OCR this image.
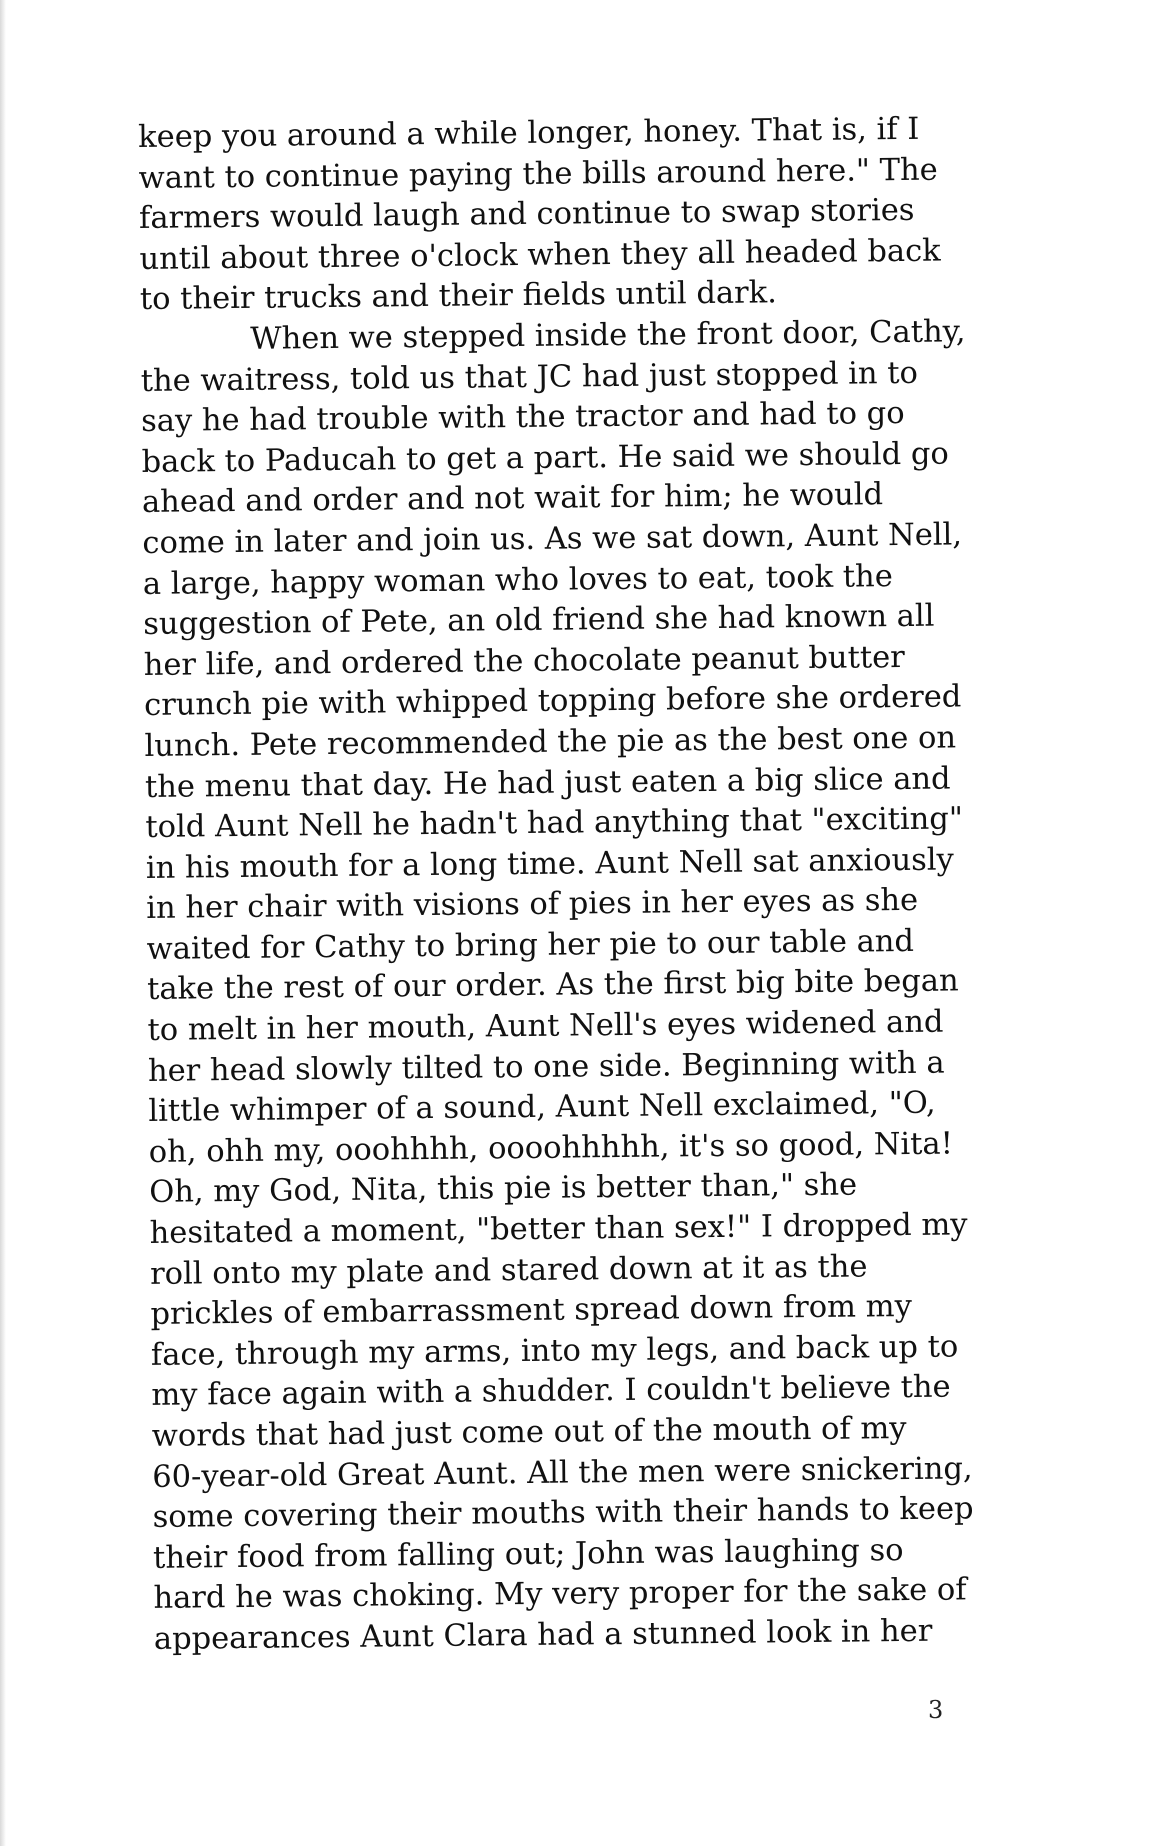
keep you around a while longer, honey. That is, if I
want to continue paying the bills around here." The
farmers would laugh and continue to swap stories
until about three o'clock when they all headed back
to their trucks and their fields until dark.
When we stepped inside the front door, Cathy,
the waitress, told us that JC had just stopped in to
say he had trouble with the tractor and had to go
back to Paducah to get a part. He said we should go
ahead and order and not wait for him; he would
come in later and join us. As we sat down, Aunt Nell,
a large, happy woman who loves to eat, took the
suggestion of Pete, an old friend she had known all
her life, and ordered the chocolate peanut butter
crunch pie with whipped topping before she ordered
lunch. Pete recommended the pie as the best one on
the menu that day. He had just eaten a big slice and
told Aunt Nell he hadn't had anything that "exciting"
in his mouth for a long time. Aunt Nell sat anxiously
in her chair with visions of pies in her eyes as she
waited for Cathy to bring her pie to our table and
take the rest of our order. As the first big bite began
to melt in her mouth, Aunt Nell's eyes widened and
her head slowly tilted to one side. Beginning with a
little whimper of a sound, Aunt Nell exclaimed, "O,
oh, ohh my, ooohhhh, oooohhhhh, it's so good, Nita!
Oh, my God, Nita, this pie is better than," she
hesitated a moment, "better than sex!" I dropped my
roll onto my plate and stared down at it as the
prickles of embarrassment spread down from my
face, through my arms, into my legs, and back up to
my face again with a shudder. I couldn't believe the
words that had just come out of the mouth of my
60-year-old Great Aunt. All the men were snickering,
some covering their mouths with their hands to keep
their food from falling out; John was laughing so
hard he was choking. My very proper for the sake of
appearances Aunt Clara had a stunned look in her
3
